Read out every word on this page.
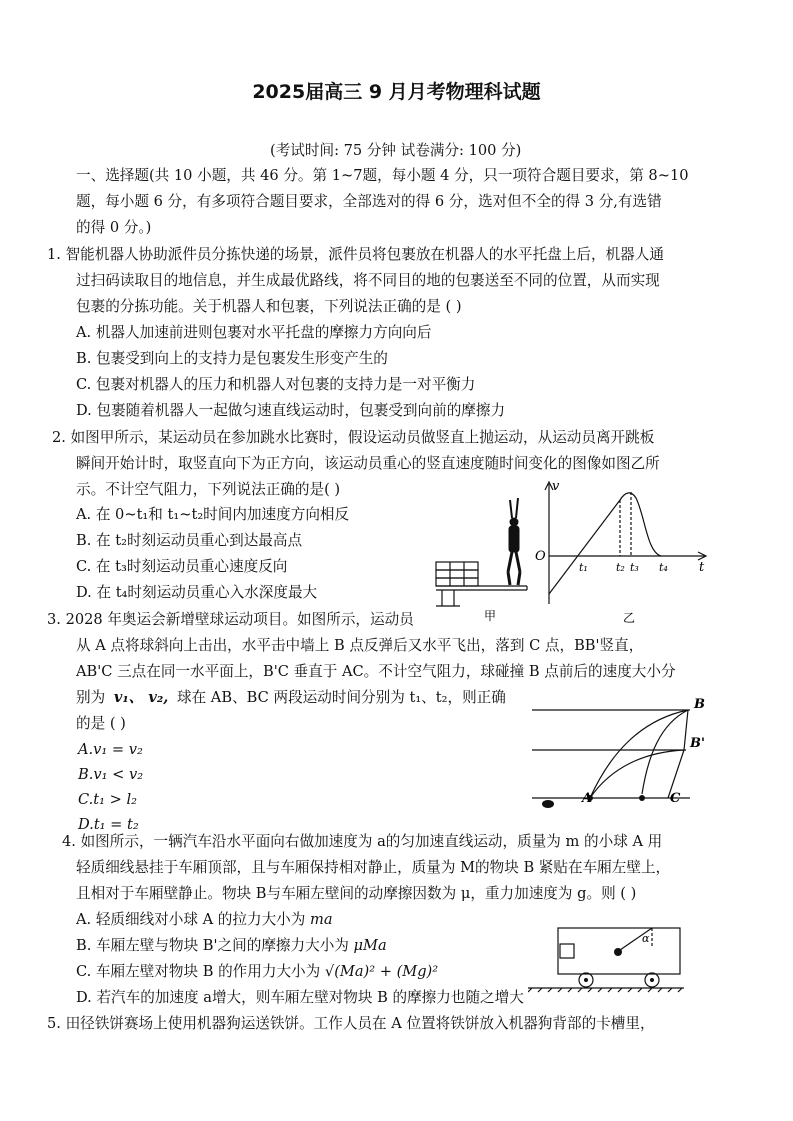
2025届高三 9 月月考物理科试题
(考试时间: 75 分钟 试卷满分: 100 分)
一、选择题(共 10 小题，共 46 分。第 1~7题，每小题 4 分，只一项符合题目要求，第 8~10
题，每小题 6 分，有多项符合题目要求，全部选对的得 6 分，选对但不全的得 3 分,有选错
的得 0 分。)
1. 智能机器人协助派件员分拣快递的场景，派件员将包裹放在机器人的水平托盘上后，机器人通
过扫码读取目的地信息，并生成最优路线，将不同目的地的包裹送至不同的位置，从而实现
包裹的分拣功能。关于机器人和包裹，下列说法正确的是 ( )
A. 机器人加速前进则包裹对水平托盘的摩擦力方向向后
B. 包裹受到向上的支持力是包裹发生形变产生的
C. 包裹对机器人的压力和机器人对包裹的支持力是一对平衡力
D. 包裹随着机器人一起做匀速直线运动时，包裹受到向前的摩擦力
2. 如图甲所示，某运动员在参加跳水比赛时，假设运动员做竖直上抛运动，从运动员离开跳板
瞬间开始计时，取竖直向下为正方向，该运动员重心的竖直速度随时间变化的图像如图乙所
示。不计空气阻力，下列说法正确的是( )
A. 在 0~t₁和 t₁~t₂时间内加速度方向相反
B. 在 t₂时刻运动员重心到达最高点
C. 在 t₃时刻运动员重心速度反向
D. 在 t₄时刻运动员重心入水深度最大
甲
O
v
t
t₁	t₂ t₃ t₄
乙
3. 2028 年奥运会新增壁球运动项目。如图所示，运动员
从 A 点将球斜向上击出，水平击中墙上 B 点反弹后又水平飞出，落到 C 点，BB'竖直，
AB'C 三点在同一水平面上，B'C 垂直于 AC。不计空气阻力，球碰撞 B 点前后的速度大小分
别为 v₁、 v₂, 球在 AB、BC 两段运动时间分别为 t₁、t₂，则正确
的是 ( )
A.v₁ = v₂
B.v₁ < v₂
C.t₁ > l₂
D.t₁ = t₂
B
B'
A	C
4. 如图所示，一辆汽车沿水平面向右做加速度为 a的匀加速直线运动，质量为 m 的小球 A 用
轻质细线悬挂于车厢顶部，且与车厢保持相对静止，质量为 M的物块 B 紧贴在车厢左壁上，
且相对于车厢壁静止。物块 B与车厢左壁间的动摩擦因数为 μ，重力加速度为 g。则 ( )
A. 轻质细线对小球 A 的拉力大小为 ma
B. 车厢左壁与物块 B'之间的摩擦力大小为 μMa
C. 车厢左壁对物块 B 的作用力大小为 √(Ma)² + (Mg)²
D. 若汽车的加速度 a增大，则车厢左壁对物块 B 的摩擦力也随之增大
α
5. 田径铁饼赛场上使用机器狗运送铁饼。工作人员在 A 位置将铁饼放入机器狗背部的卡槽里，
